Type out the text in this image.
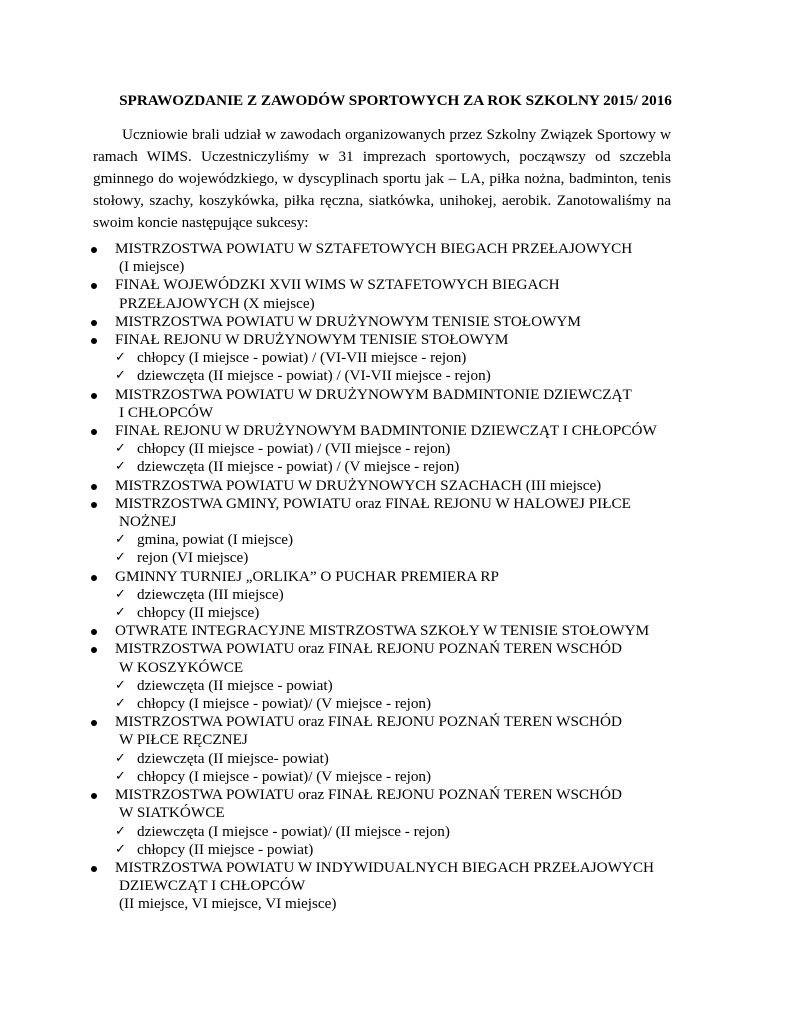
SPRAWOZDANIE Z ZAWODÓW SPORTOWYCH ZA ROK SZKOLNY 2015/ 2016

Uczniowie brali udział w zawodach organizowanych przez Szkolny Związek Sportowy w ramach WIMS. Uczestniczyliśmy w 31 imprezach sportowych, począwszy od szczebla gminnego do wojewódzkiego, w dyscyplinach sportu jak – LA, piłka nożna, badminton, tenis stołowy, szachy, koszykówka, piłka ręczna, siatkówka, unihokej, aerobik. Zanotowaliśmy na swoim koncie następujące sukcesy:

MISTRZOSTWA POWIATU W SZTAFETOWYCH BIEGACH PRZEŁAJOWYCH
(I miejsce)
FINAŁ WOJEWÓDZKI XVII WIMS W SZTAFETOWYCH BIEGACH
PRZEŁAJOWYCH (X miejsce)
MISTRZOSTWA POWIATU W DRUŻYNOWYM TENISIE STOŁOWYM
FINAŁ REJONU W DRUŻYNOWYM TENISIE STOŁOWYM
✓ chłopcy (I miejsce - powiat) / (VI-VII miejsce - rejon)
✓ dziewczęta (II miejsce - powiat) / (VI-VII miejsce - rejon)
MISTRZOSTWA POWIATU W DRUŻYNOWYM BADMINTONIE DZIEWCZĄT
I CHŁOPCÓW
FINAŁ REJONU W DRUŻYNOWYM BADMINTONIE DZIEWCZĄT I CHŁOPCÓW
✓ chłopcy (II miejsce - powiat) / (VII miejsce - rejon)
✓ dziewczęta (II miejsce - powiat) / (V miejsce - rejon)
MISTRZOSTWA POWIATU W DRUŻYNOWYCH SZACHACH (III miejsce)
MISTRZOSTWA GMINY, POWIATU oraz FINAŁ REJONU W HALOWEJ PIŁCE
NOŻNEJ
✓ gmina, powiat (I miejsce)
✓ rejon (VI miejsce)
GMINNY TURNIEJ „ORLIKA” O PUCHAR PREMIERA RP
✓ dziewczęta (III miejsce)
✓ chłopcy (II miejsce)
OTWRATE INTEGRACYJNE MISTRZOSTWA SZKOŁY W TENISIE STOŁOWYM
MISTRZOSTWA POWIATU oraz FINAŁ REJONU POZNAŃ TEREN WSCHÓD
W KOSZYKÓWCE
✓ dziewczęta (II miejsce - powiat)
✓ chłopcy (I miejsce - powiat)/ (V miejsce - rejon)
MISTRZOSTWA POWIATU oraz FINAŁ REJONU POZNAŃ TEREN WSCHÓD
W PIŁCE RĘCZNEJ
✓ dziewczęta (II miejsce- powiat)
✓ chłopcy (I miejsce - powiat)/ (V miejsce - rejon)
MISTRZOSTWA POWIATU oraz FINAŁ REJONU POZNAŃ TEREN WSCHÓD
W SIATKÓWCE
✓ dziewczęta (I miejsce - powiat)/ (II miejsce - rejon)
✓ chłopcy (II miejsce - powiat)
MISTRZOSTWA POWIATU W INDYWIDUALNYCH BIEGACH PRZEŁAJOWYCH
DZIEWCZĄT I CHŁOPCÓW
(II miejsce, VI miejsce, VI miejsce)
